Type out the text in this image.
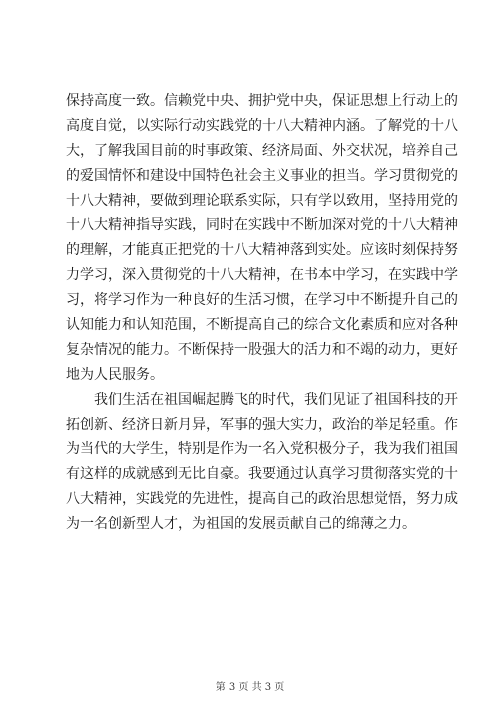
保持高度一致。信赖党中央、拥护党中央，保证思想上行动上的
高度自觉，以实际行动实践党的十八大精神内涵。了解党的十八
大，了解我国目前的时事政策、经济局面、外交状况，培养自己
的爱国情怀和建设中国特色社会主义事业的担当。学习贯彻党的
十八大精神，要做到理论联系实际，只有学以致用，坚持用党的
十八大精神指导实践，同时在实践中不断加深对党的十八大精神
的理解，才能真正把党的十八大精神落到实处。应该时刻保持努
力学习，深入贯彻党的十八大精神，在书本中学习，在实践中学
习，将学习作为一种良好的生活习惯，在学习中不断提升自己的
认知能力和认知范围，不断提高自己的综合文化素质和应对各种
复杂情况的能力。不断保持一股强大的活力和不竭的动力，更好
地为人民服务。
　　我们生活在祖国崛起腾飞的时代，我们见证了祖国科技的开
拓创新、经济日新月异，军事的强大实力，政治的举足轻重。作
为当代的大学生，特别是作为一名入党积极分子，我为我们祖国
有这样的成就感到无比自豪。我要通过认真学习贯彻落实党的十
八大精神，实践党的先进性，提高自己的政治思想觉悟，努力成
为一名创新型人才，为祖国的发展贡献自己的绵薄之力。
第 3 页 共 3 页
